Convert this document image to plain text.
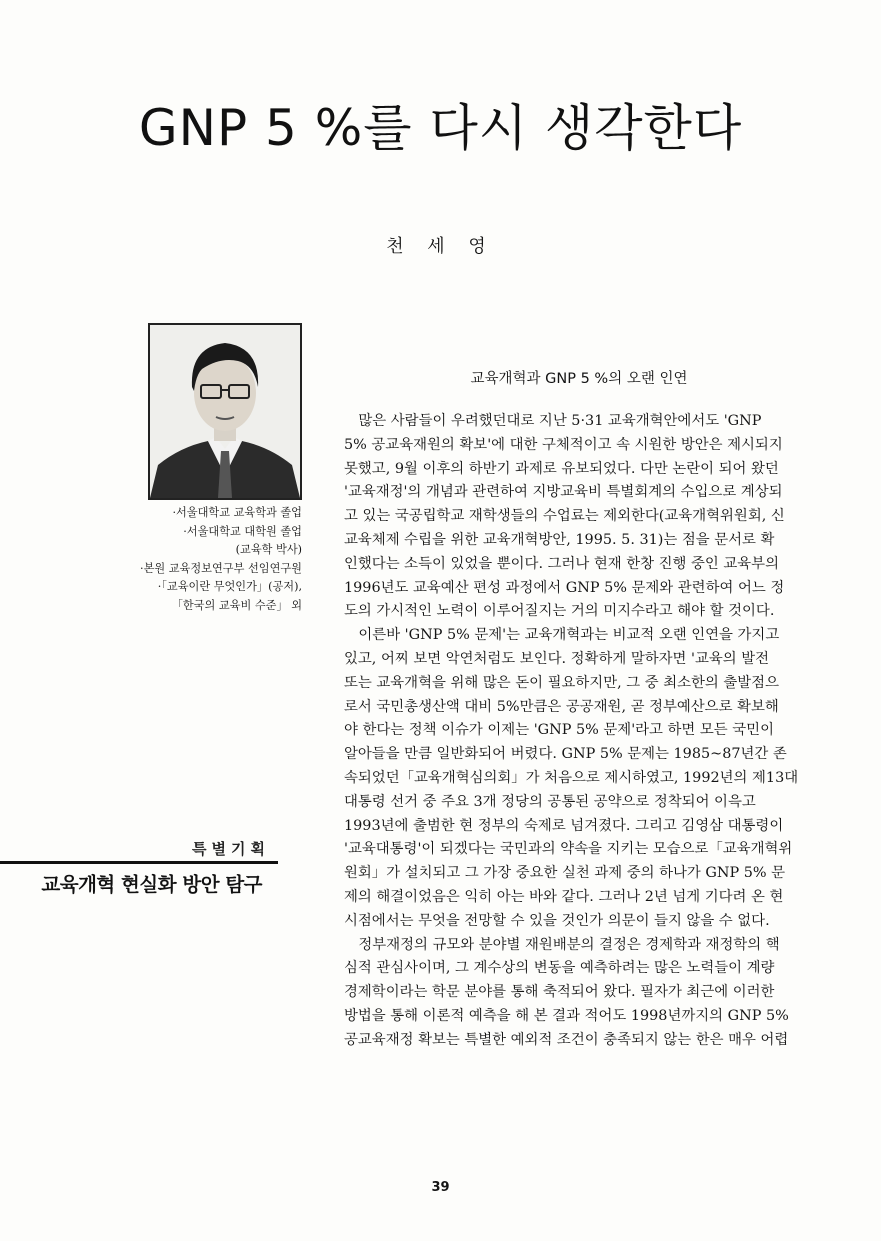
GNP 5 %를 다시 생각한다
천 세 영
·서울대학교 교육학과 졸업
·서울대학교 대학원 졸업
(교육학 박사)
·본원 교육정보연구부 선임연구원
·「교육이란 무엇인가」(공저),
「한국의 교육비 수준」 외
특별기획
교육개혁 현실화 방안 탐구
교육개혁과 GNP 5 %의 오랜 인연
　많은 사람들이 우려했던대로 지난 5·31 교육개혁안에서도 'GNP
5% 공교육재원의 확보'에 대한 구체적이고 속 시원한 방안은 제시되지
못했고, 9월 이후의 하반기 과제로 유보되었다. 다만 논란이 되어 왔던
'교육재정'의 개념과 관련하여 지방교육비 특별회계의 수입으로 계상되
고 있는 국공립학교 재학생들의 수업료는 제외한다(교육개혁위원회, 신
교육체제 수립을 위한 교육개혁방안, 1995. 5. 31)는 점을 문서로 확
인했다는 소득이 있었을 뿐이다. 그러나 현재 한창 진행 중인 교육부의
1996년도 교육예산 편성 과정에서 GNP 5% 문제와 관련하여 어느 정
도의 가시적인 노력이 이루어질지는 거의 미지수라고 해야 할 것이다.
　이른바 'GNP 5% 문제'는 교육개혁과는 비교적 오랜 인연을 가지고
있고, 어찌 보면 악연처럼도 보인다. 정확하게 말하자면 '교육의 발전
또는 교육개혁을 위해 많은 돈이 필요하지만, 그 중 최소한의 출발점으
로서 국민총생산액 대비 5%만큼은 공공재원, 곧 정부예산으로 확보해
야 한다는 정책 이슈가 이제는 'GNP 5% 문제'라고 하면 모든 국민이
알아들을 만큼 일반화되어 버렸다. GNP 5% 문제는 1985~87년간 존
속되었던「교육개혁심의회」가 처음으로 제시하였고, 1992년의 제13대
대통령 선거 중 주요 3개 정당의 공통된 공약으로 정착되어 이윽고
1993년에 출범한 현 정부의 숙제로 넘겨졌다. 그리고 김영삼 대통령이
'교육대통령'이 되겠다는 국민과의 약속을 지키는 모습으로「교육개혁위
원회」가 설치되고 그 가장 중요한 실천 과제 중의 하나가 GNP 5% 문
제의 해결이었음은 익히 아는 바와 같다. 그러나 2년 넘게 기다려 온 현
시점에서는 무엇을 전망할 수 있을 것인가 의문이 들지 않을 수 없다.
　정부재정의 규모와 분야별 재원배분의 결정은 경제학과 재정학의 핵
심적 관심사이며, 그 계수상의 변동을 예측하려는 많은 노력들이 계량
경제학이라는 학문 분야를 통해 축적되어 왔다. 필자가 최근에 이러한
방법을 통해 이론적 예측을 해 본 결과 적어도 1998년까지의 GNP 5%
공교육재정 확보는 특별한 예외적 조건이 충족되지 않는 한은 매우 어렵
39
